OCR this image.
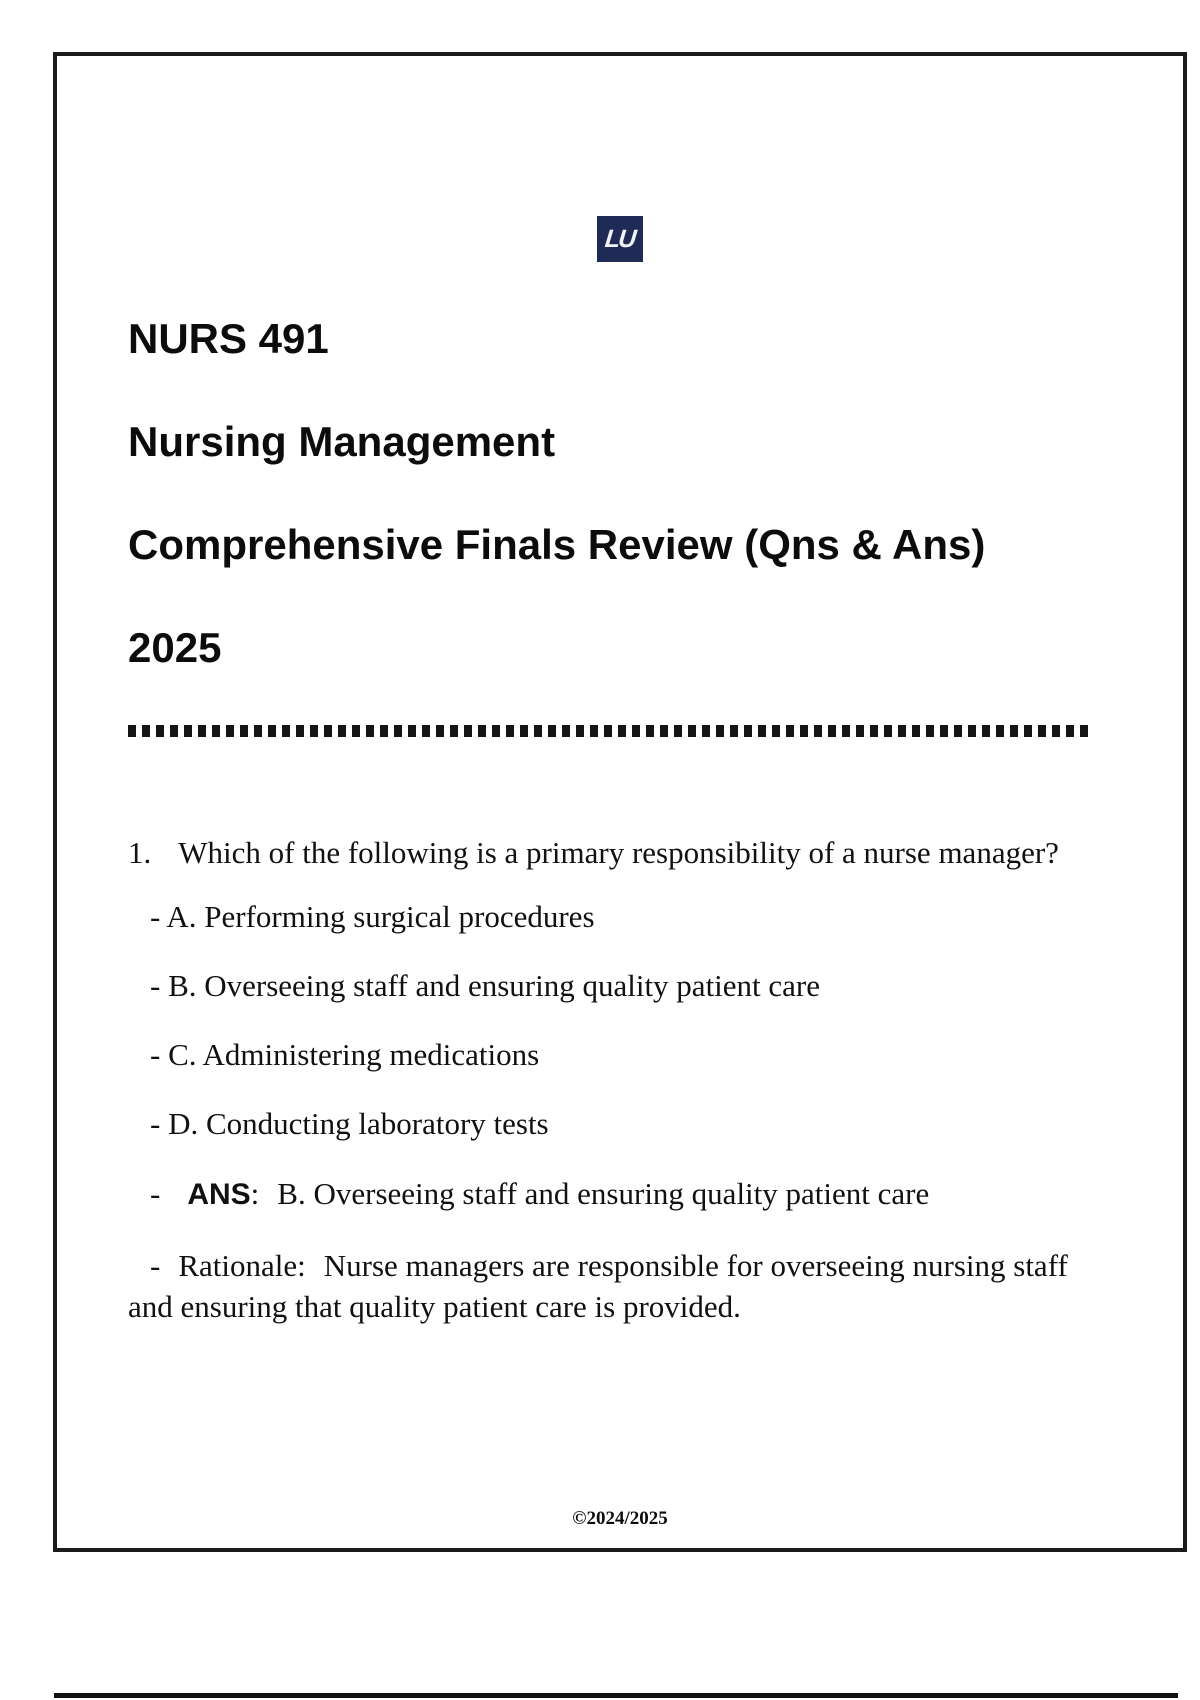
LU
NURS 491
Nursing Management
Comprehensive Finals Review (Qns & Ans)
2025

1. Which of the following is a primary responsibility of a nurse manager?

- A. Performing surgical procedures
- B. Overseeing staff and ensuring quality patient care
- C. Administering medications
- D. Conducting laboratory tests
- ANS: B. Overseeing staff and ensuring quality patient care

- Rationale: Nurse managers are responsible for overseeing nursing staff and ensuring that quality patient care is provided.

©2024/2025
